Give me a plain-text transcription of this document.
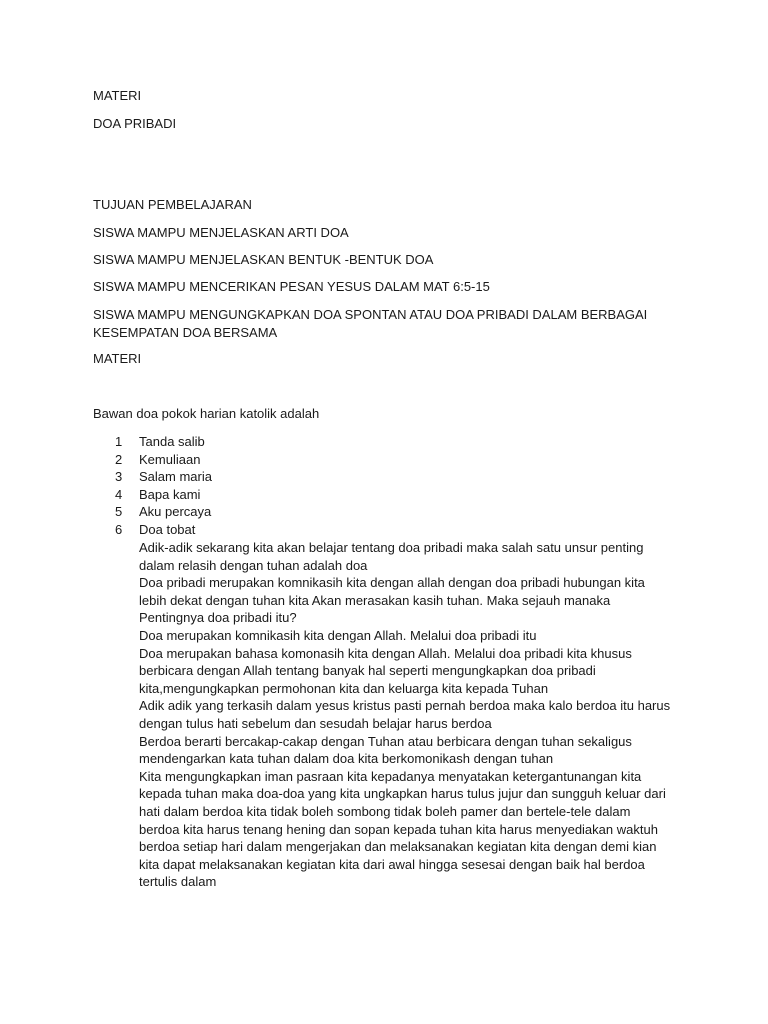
MATERI
DOA PRIBADI
TUJUAN PEMBELAJARAN
SISWA MAMPU MENJELASKAN ARTI DOA
SISWA MAMPU MENJELASKAN BENTUK -BENTUK DOA
SISWA MAMPU MENCERIKAN PESAN YESUS DALAM MAT 6:5-15
SISWA MAMPU MENGUNGKAPKAN DOA SPONTAN ATAU DOA PRIBADI DALAM BERBAGAI
KESEMPATAN DOA BERSAMA
MATERI
Bawan doa pokok harian katolik adalah
1 Tanda salib
2 Kemuliaan
3 Salam maria
4 Bapa kami
5 Aku percaya
6 Doa tobat

Adik-adik sekarang kita akan belajar tentang doa pribadi maka salah satu unsur penting

dalam relasih dengan tuhan adalah doa

Doa pribadi merupakan komnikasih kita dengan allah dengan doa pribadi hubungan kita

lebih dekat dengan tuhan kita Akan merasakan kasih tuhan. Maka sejauh manaka

Pentingnya doa pribadi itu?

Doa merupakan komnikasih kita dengan Allah. Melalui doa pribadi itu

Doa merupakan bahasa komonasih kita dengan Allah. Melalui doa pribadi kita khusus

berbicara dengan Allah tentang banyak hal seperti mengungkapkan doa pribadi

kita,mengungkapkan permohonan kita dan keluarga kita kepada Tuhan

Adik adik yang terkasih dalam yesus kristus pasti pernah berdoa maka kalo berdoa itu harus

dengan tulus hati sebelum dan sesudah belajar harus berdoa

Berdoa berarti bercakap-cakap dengan Tuhan atau berbicara dengan tuhan sekaligus

mendengarkan kata tuhan dalam doa kita berkomonikash dengan tuhan

Kita mengungkapkan iman pasraan kita kepadanya menyatakan ketergantunangan kita

kepada tuhan maka doa-doa yang kita ungkapkan harus tulus jujur dan sungguh keluar dari

hati dalam berdoa kita tidak boleh sombong tidak boleh pamer dan bertele-tele dalam

berdoa kita harus tenang hening dan sopan kepada tuhan kita harus menyediakan waktuh

berdoa setiap hari dalam mengerjakan dan melaksanakan kegiatan kita dengan demi kian

kita dapat melaksanakan kegiatan kita dari awal hingga sesesai dengan baik hal berdoa

tertulis dalam
